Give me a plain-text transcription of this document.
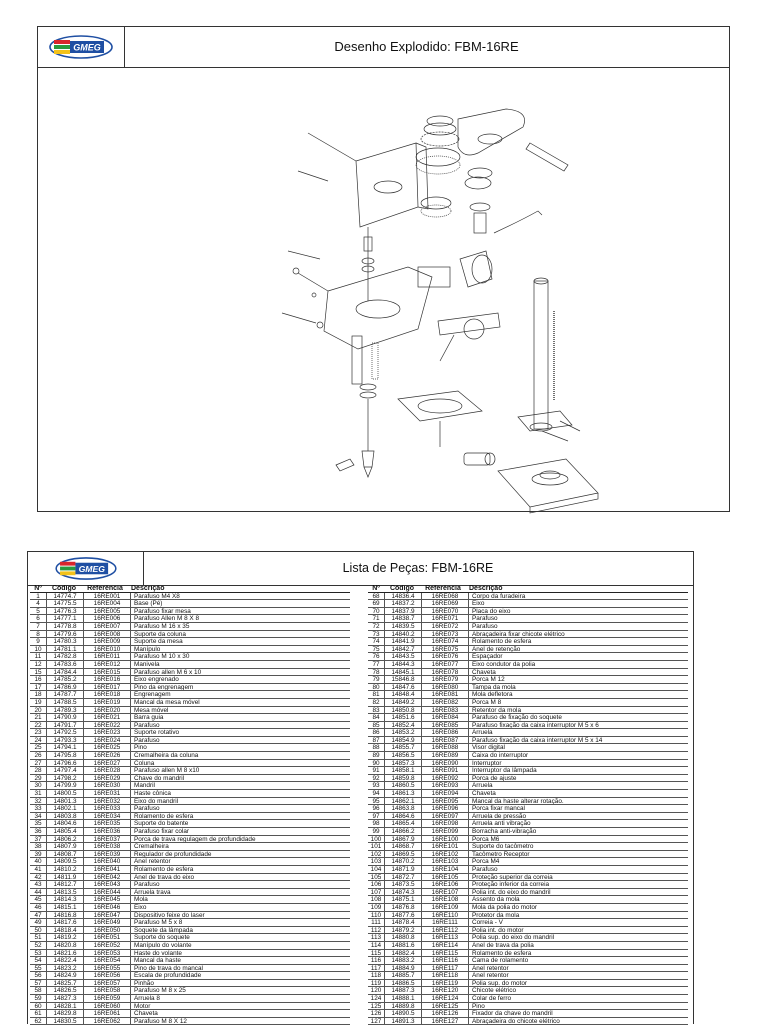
GMEG	Desenho Explodido: FBM-16RE
GMEG	Lista de Peças: FBM-16RE
Nº	Código	Referência	Descrição
1	14774.7	16RE001	Parafuso M4 X8
4	14775.5	16RE004	Base (Pé)
5	14776.3	16RE005	Parafuso fixar mesa
6	14777.1	16RE006	Parafuso Allen M 8 X 8
7	14778.8	16RE007	Parafuso M 16 x 35
8	14779.6	16RE008	Suporte da coluna
9	14780.3	16RE009	Suporte da mesa
10	14781.1	16RE010	Manípulo
11	14782.8	16RE011	Parafuso M 10 x 30
12	14783.6	16RE012	Manivela
15	14784.4	16RE015	Parafuso allen M 6 x 10
16	14785.2	16RE016	Eixo engrenado
17	14786.9	16RE017	Pino da engrenagem
18	14787.7	16RE018	Engrenagem
19	14788.5	16RE019	Mancal da mesa móvel
20	14789.3	16RE020	Mesa móvel
21	14790.9	16RE021	Barra guia
22	14791.7	16RE022	Parafuso
23	14792.5	16RE023	Suporte rotativo
24	14793.3	16RE024	Parafuso
25	14794.1	16RE025	Pino
26	14795.8	16RE026	Cremalheira da coluna
27	14796.6	16RE027	Coluna
28	14797.4	16RE028	Parafuso allen M 8 x10
29	14798.2	16RE029	Chave do mandril
30	14799.9	16RE030	Mandril
31	14800.5	16RE031	Haste cônica
32	14801.3	16RE032	Eixo do mandril
33	14802.1	16RE033	Parafuso
34	14803.8	16RE034	Rolamento de esfera
35	14804.6	16RE035	Suporte do batente
36	14805.4	16RE036	Parafuso fixar colar
37	14806.2	16RE037	Porca de trava regulagem de profundidade
38	14807.9	16RE038	Cremalheira
39	14808.7	16RE039	Regulador de profundidade
40	14809.5	16RE040	Anel retentor
41	14810.2	16RE041	Rolamento de esfera
42	14811.9	16RE042	Anel de trava do eixo
43	14812.7	16RE043	Parafuso
44	14813.5	16RE044	Arruela trava
45	14814.3	16RE045	Mola
46	14815.1	16RE046	Eixo
47	14816.8	16RE047	Dispositivo feixe do laser
49	14817.6	16RE049	Parafuso M 5 x 8
50	14818.4	16RE050	Soquete da lâmpada
51	14819.2	16RE051	Suporte do soquete
52	14820.8	16RE052	Manípulo do volante
53	14821.6	16RE053	Haste do volante
54	14822.4	16RE054	Mancal da haste
55	14823.2	16RE055	Pino de trava do mancal
56	14824.9	16RE056	Escala de profundidade
57	14825.7	16RE057	Pinhão
58	14826.5	16RE058	Parafuso M 8 x 25
59	14827.3	16RE059	Arruela 8
60	14828.1	16RE060	Motor
61	14829.8	16RE061	Chaveta
62	14830.5	16RE062	Parafuso M 8 X 12
Nº	Código	Referência	Descrição
68	14836.4	16RE068	Corpo da furadeira
69	14837.2	16RE069	Eixo
70	14837.9	16RE070	Placa do eixo
71	14838.7	16RE071	Parafuso
72	14839.5	16RE072	Parafuso
73	14840.2	16RE073	Abraçadeira fixar chicote elétrico
74	14841.9	16RE074	Rolamento de esfera
75	14842.7	16RE075	Anel de retenção
76	14843.5	16RE076	Espaçador
77	14844.3	16RE077	Eixo condutor da polia
78	14845.1	16RE078	Chaveta
79	15846.8	16RE079	Porca M 12
80	14847.6	16RE080	Tampa da mola
81	14848.4	16RE081	Mola defletora
82	14849.2	16RE082	Porca M 8
83	14850.8	16RE083	Retentor da mola
84	14851.6	16RE084	Parafuso de fixação do soquete
85	14852.4	16RE085	Parafuso fixação da caixa interruptor M 5 x 6
86	14853.2	16RE086	Arruela
87	14854.9	16RE087	Parafuso fixação da caixa interruptor M 5 x 14
88	14855.7	16RE088	Visor digital
89	14856.5	16RE089	Caixa do interruptor
90	14857.3	16RE090	Interruptor
91	14858.1	16RE091	Interruptor da lâmpada
92	14859.8	16RE092	Porca de ajuste
93	14860.5	16RE093	Arruela
94	14861.3	16RE094	Chaveta
95	14862.1	16RE095	Mancal da haste alterar rotação.
96	14863.8	16RE096	Porca fixar mancal
97	14864.6	16RE097	Arruela de pressão
98	14865.4	16RE098	Arruela anti vibração
99	14866.2	16RE099	Borracha anti-vibração
100	14867.9	16RE100	Porca M6
101	14868.7	16RE101	Suporte do tacômetro
102	14869.5	16RE102	Tacômetro Receptor
103	14870.2	16RE103	Porca M4
104	14871.9	16RE104	Parafuso
105	14872.7	16RE105	Proteção superior da correia
106	14873.5	16RE106	Proteção inferior da correia
107	14874.3	16RE107	Polia int. do eixo do mandril
108	14875.1	16RE108	Assento da mola
109	14876.8	16RE109	Mola da polia do motor
110	14877.6	16RE110	Protetor da mola
111	14878.4	16RE111	Correia - V
112	14879.2	16RE112	Polia int. do motor
113	14880.8	16RE113	Polia sup. do eixo do mandril
114	14881.6	16RE114	Anel de trava da polia
115	14882.4	16RE115	Rolamento de esfera
116	14883.2	16RE116	Cama de rolamento
117	14884.9	16RE117	Anel retentor
118	14885.7	16RE118	Anel retentor
119	14886.5	16RE119	Polia sup. do motor
120	14887.3	16RE120	Chicote elétrico
124	14888.1	16RE124	Colar de ferro
125	14889.8	16RE125	Pino
126	14890.5	16RE126	Fixador da chave do mandril
127	14891.3	16RE127	Abraçadeira do chicote elétrico
